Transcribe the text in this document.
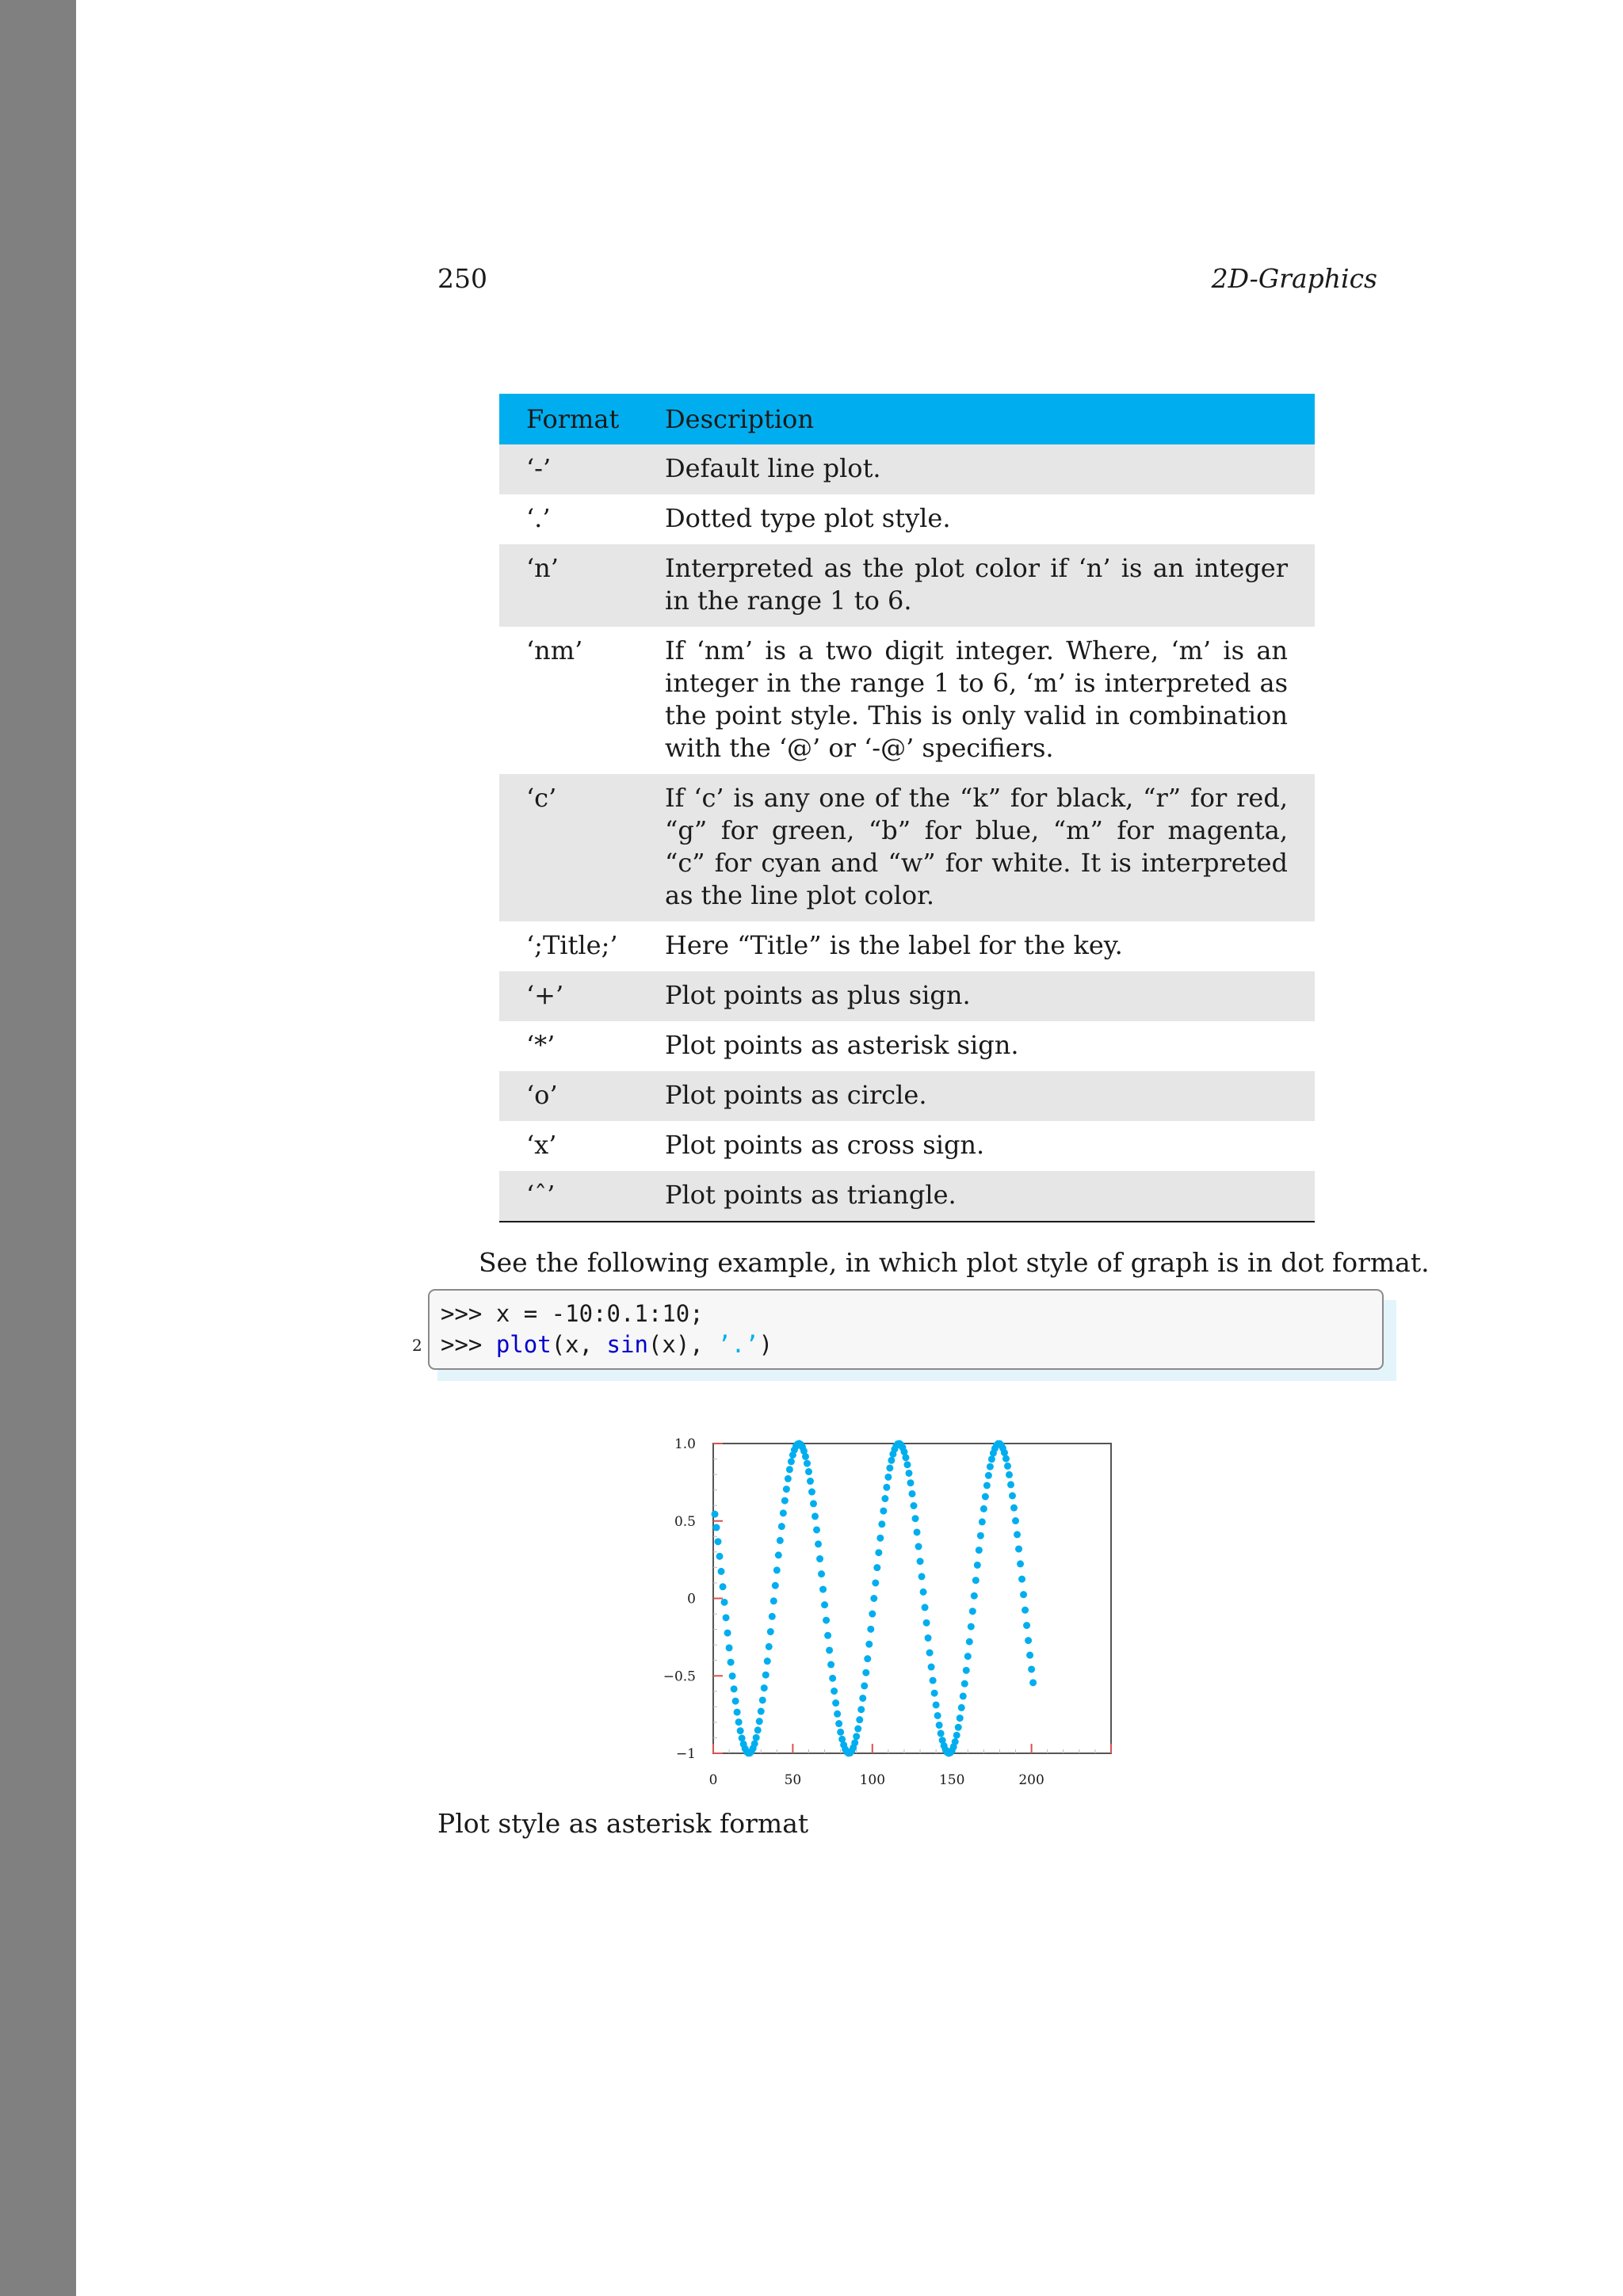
250	2D-Graphics
Format	Description
‘-’	Default line plot.
‘.’	Dotted type plot style.
‘n’	Interpreted as the plot color if ‘n’ is an integer in the range 1 to 6.
‘nm’	If ‘nm’ is a two digit integer. Where, ‘m’ is an integer in the range 1 to 6, ‘m’ is interpreted as the point style. This is only valid in combination with the ‘@’ or ‘-@’ specifiers.
‘c’	If ‘c’ is any one of the “k” for black, “r” for red, “g” for green, “b” for blue, “m” for magenta, “c” for cyan and “w” for white. It is interpreted as the line plot color.
‘;Title;’	Here “Title” is the label for the key.
‘+’	Plot points as plus sign.
‘*’	Plot points as asterisk sign.
‘o’	Plot points as circle.
‘x’	Plot points as cross sign.
‘ˆ’	Plot points as triangle.
See the following example, in which plot style of graph is in dot format.
>>> x = -10:0.1:10;
>>> plot(x, sin(x), ’.’)
2
0	50	100	150	200
1.0
0.5
0
−0.5
−1
Plot style as asterisk format
